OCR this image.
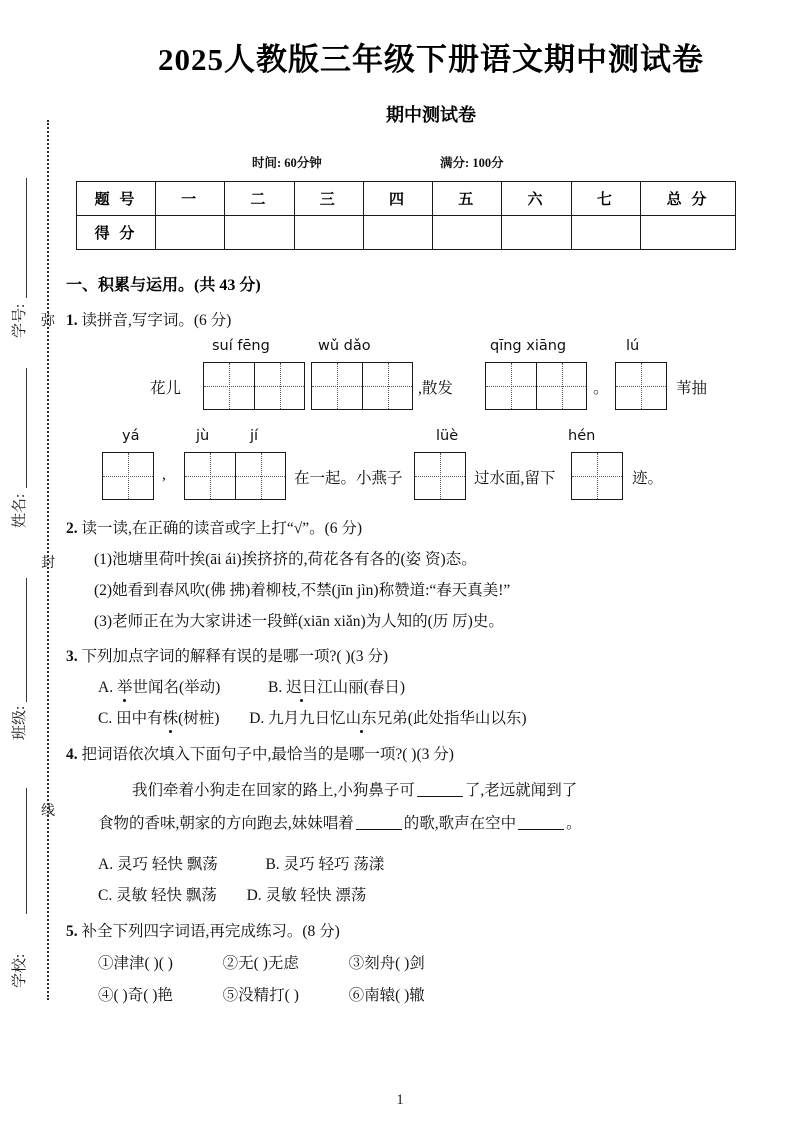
学号: 弥
姓名:
封
班级:
线
学校:
2025人教版三年级下册语文期中测试卷
期中测试卷
时间: 60分钟	满分: 100分
题 号	一	二	三	四	五	六	七	总 分
得 分								
一、积累与运用。(共 43 分)
1. 读拼音,写字词。(6 分)
suí fēng	wǔ dǎo	qīng xiāng	lú
花儿	,散发	。	苇抽
yá	jù	jí	lüè	hén
,	在一起。小燕子	过水面,留下	迹。
2. 读一读,在正确的读音或字上打“√”。(6 分)
(1)池塘里荷叶挨(āi ái)挨挤挤的,荷花各有各的(姿 资)态。
(2)她看到春风吹(佛 拂)着柳枝,不禁(jīn jìn)称赞道:“春天真美!”
(3)老师正在为大家讲述一段鲜(xiān xiǎn)为人知的(历 厉)史。
3. 下列加点字词的解释有误的是哪一项?( )(3 分)
A. 举世闻名(举动)	B. 迟日江山丽(春日)
C. 田中有株(树桩) D. 九月九日忆山东兄弟(此处指华山以东)
4. 把词语依次填入下面句子中,最恰当的是哪一项?( )(3 分)
我们牵着小狗走在回家的路上,小狗鼻子可	了,老远就闻到了
食物的香味,朝家的方向跑去,妹妹唱着	的歌,歌声在空中	。
A. 灵巧 轻快 飘荡	B. 灵巧 轻巧 荡漾
C. 灵敏 轻快 飘荡 D. 灵敏 轻快 漂荡
5. 补全下列四字词语,再完成练习。(8 分)
①津津( )( )	②无( )无虑	③刻舟( )剑
④( )奇( )艳	⑤没精打( )	⑥南辕( )辙
1
